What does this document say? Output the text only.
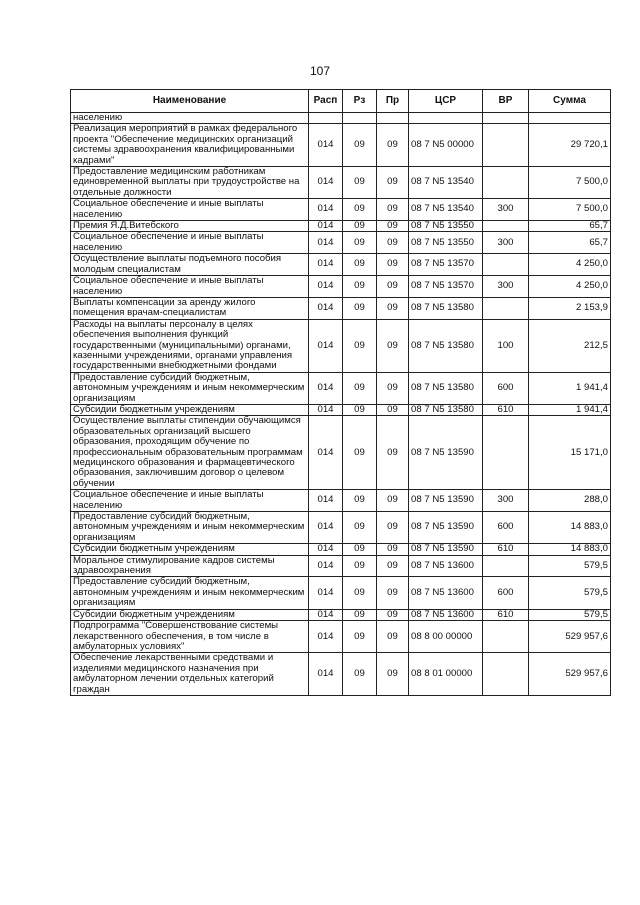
107
Наименование	Расп	Рз	Пр	ЦСР	ВР	Сумма
населению						
Реализация мероприятий в рамках федерального проекта "Обеспечение медицинских организаций системы здравоохранения квалифицированными кадрами"	014	09	09	08 7 N5 00000		29 720,1
Предоставление медицинским работникам единовременной выплаты при трудоустройстве на отдельные должности	014	09	09	08 7 N5 13540		7 500,0
Социальное обеспечение и иные выплаты населению	014	09	09	08 7 N5 13540	300	7 500,0
Премия Я.Д.Витебского	014	09	09	08 7 N5 13550		65,7
Социальное обеспечение и иные выплаты населению	014	09	09	08 7 N5 13550	300	65,7
Осуществление выплаты подъемного пособия молодым специалистам	014	09	09	08 7 N5 13570		4 250,0
Социальное обеспечение и иные выплаты населению	014	09	09	08 7 N5 13570	300	4 250,0
Выплаты компенсации за аренду жилого помещения врачам-специалистам	014	09	09	08 7 N5 13580		2 153,9
Расходы на выплаты персоналу в целях обеспечения выполнения функций государственными (муниципальными) органами, казенными учреждениями, органами управления государственными внебюджетными фондами	014	09	09	08 7 N5 13580	100	212,5
Предоставление субсидий бюджетным, автономным учреждениям и иным некоммерческим организациям	014	09	09	08 7 N5 13580	600	1 941,4
Субсидии бюджетным учреждениям	014	09	09	08 7 N5 13580	610	1 941,4
Осуществление выплаты стипендии обучающимся образовательных организаций высшего образования, проходящим обучение по профессиональным образовательным программам медицинского образования и фармацевтического образования, заключившим договор о целевом обучении	014	09	09	08 7 N5 13590		15 171,0
Социальное обеспечение и иные выплаты населению	014	09	09	08 7 N5 13590	300	288,0
Предоставление субсидий бюджетным, автономным учреждениям и иным некоммерческим организациям	014	09	09	08 7 N5 13590	600	14 883,0
Субсидии бюджетным учреждениям	014	09	09	08 7 N5 13590	610	14 883,0
Моральное стимулирование кадров системы здравоохранения	014	09	09	08 7 N5 13600		579,5
Предоставление субсидий бюджетным, автономным учреждениям и иным некоммерческим организациям	014	09	09	08 7 N5 13600	600	579,5
Субсидии бюджетным учреждениям	014	09	09	08 7 N5 13600	610	579,5
Подпрограмма "Совершенствование системы лекарственного обеспечения, в том числе в амбулаторных условиях"	014	09	09	08 8 00 00000		529 957,6
Обеспечение лекарственными средствами и изделиями медицинского назначения при амбулаторном лечении отдельных категорий граждан	014	09	09	08 8 01 00000		529 957,6
